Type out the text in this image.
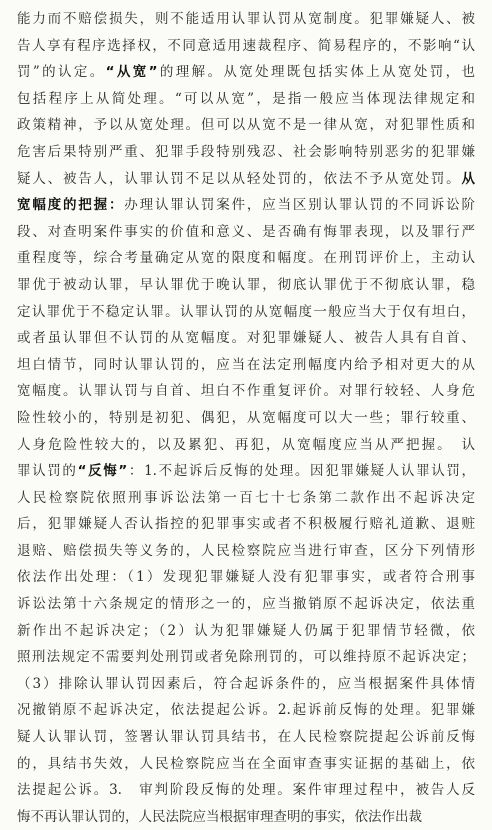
能力而不赔偿损失，则不能适用认罪认罚从宽制度。犯罪嫌疑人、被
告人享有程序选择权，不同意适用速裁程序、简易程序的，不影响“认
罚”的认定。“从宽”的理解。从宽处理既包括实体上从宽处罚，也
包括程序上从简处理。“可以从宽”，是指一般应当体现法律规定和
政策精神，予以从宽处理。但可以从宽不是一律从宽，对犯罪性质和
危害后果特别严重、犯罪手段特别残忍、社会影响特别恶劣的犯罪嫌
疑人、被告人，认罪认罚不足以从轻处罚的，依法不予从宽处罚。从
宽幅度的把握：办理认罪认罚案件，应当区别认罪认罚的不同诉讼阶
段、对查明案件事实的价值和意义、是否确有悔罪表现，以及罪行严
重程度等，综合考量确定从宽的限度和幅度。在刑罚评价上，主动认
罪优于被动认罪，早认罪优于晚认罪，彻底认罪优于不彻底认罪，稳
定认罪优于不稳定认罪。认罪认罚的从宽幅度一般应当大于仅有坦白，
或者虽认罪但不认罚的从宽幅度。对犯罪嫌疑人、被告人具有自首、
坦白情节，同时认罪认罚的，应当在法定刑幅度内给予相对更大的从
宽幅度。认罪认罚与自首、坦白不作重复评价。对罪行较轻、人身危
险性较小的，特别是初犯、偶犯，从宽幅度可以大一些；罪行较重、
人身危险性较大的，以及累犯、再犯，从宽幅度应当从严把握。　认
罪认罚的“反悔”：1.不起诉后反悔的处理。因犯罪嫌疑人认罪认罚，
人民检察院依照刑事诉讼法第一百七十七条第二款作出不起诉决定
后，犯罪嫌疑人否认指控的犯罪事实或者不积极履行赔礼道歉、退赃
退赔、赔偿损失等义务的，人民检察院应当进行审查，区分下列情形
依法作出处理：（1）发现犯罪嫌疑人没有犯罪事实，或者符合刑事
诉讼法第十六条规定的情形之一的，应当撤销原不起诉决定，依法重
新作出不起诉决定；（2）认为犯罪嫌疑人仍属于犯罪情节轻微，依
照刑法规定不需要判处刑罚或者免除刑罚的，可以维持原不起诉决定；
（3）排除认罪认罚因素后，符合起诉条件的，应当根据案件具体情
况撤销原不起诉决定，依法提起公诉。2.起诉前反悔的处理。犯罪嫌
疑人认罪认罚，签署认罪认罚具结书，在人民检察院提起公诉前反悔
的，具结书失效，人民检察院应当在全面审查事实证据的基础上，依
法提起公诉。3.　审判阶段反悔的处理。案件审理过程中，被告人反
悔不再认罪认罚的，人民法院应当根据审理查明的事实，依法作出裁
